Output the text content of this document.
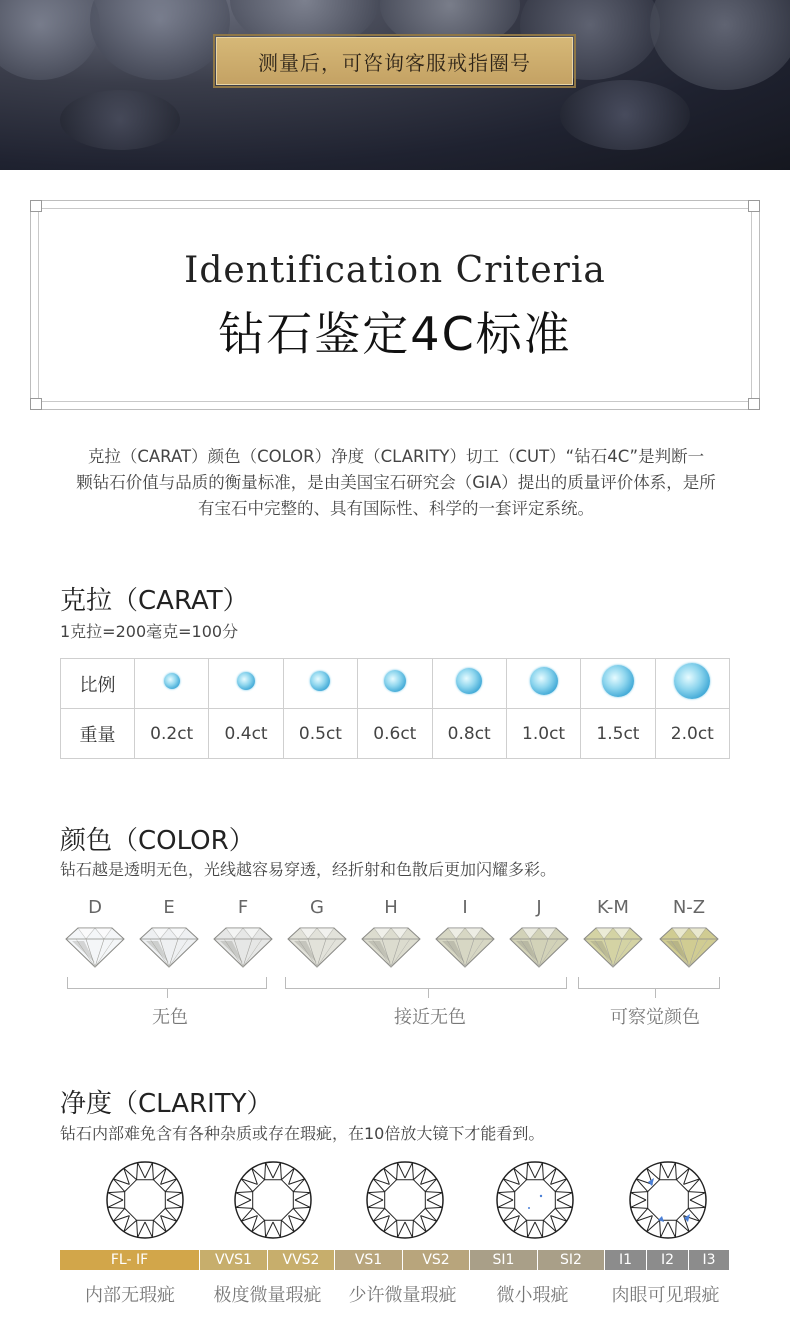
测量后，可咨询客服戒指圈号
Identification Criteria
钻石鉴定4C标准
克拉（CARAT）颜色（COLOR）净度（CLARITY）切工（CUT）“钻石4C”是判断一
颗钻石价值与品质的衡量标准，是由美国宝石研究会（GIA）提出的质量评价体系，是所
有宝石中完整的、具有国际性、科学的一套评定系统。
克拉（CARAT）
1克拉=200毫克=100分
比例								
重量	0.2ct	0.4ct	0.5ct	0.6ct	0.8ct	1.0ct	1.5ct	2.0ct
颜色（COLOR）
钻石越是透明无色，光线越容易穿透，经折射和色散后更加闪耀多彩。
D	E	F	G	H	I	J	K-M	N-Z
无色	接近无色	可察觉颜色
净度（CLARITY）
钻石内部难免含有各种杂质或存在瑕疵，在10倍放大镜下才能看到。
FL- IF	VVS1	VVS2	VS1	VS2	SI1	SI2	I1	I2	I3
内部无瑕疵	极度微量瑕疵	少许微量瑕疵	微小瑕疵	肉眼可见瑕疵
